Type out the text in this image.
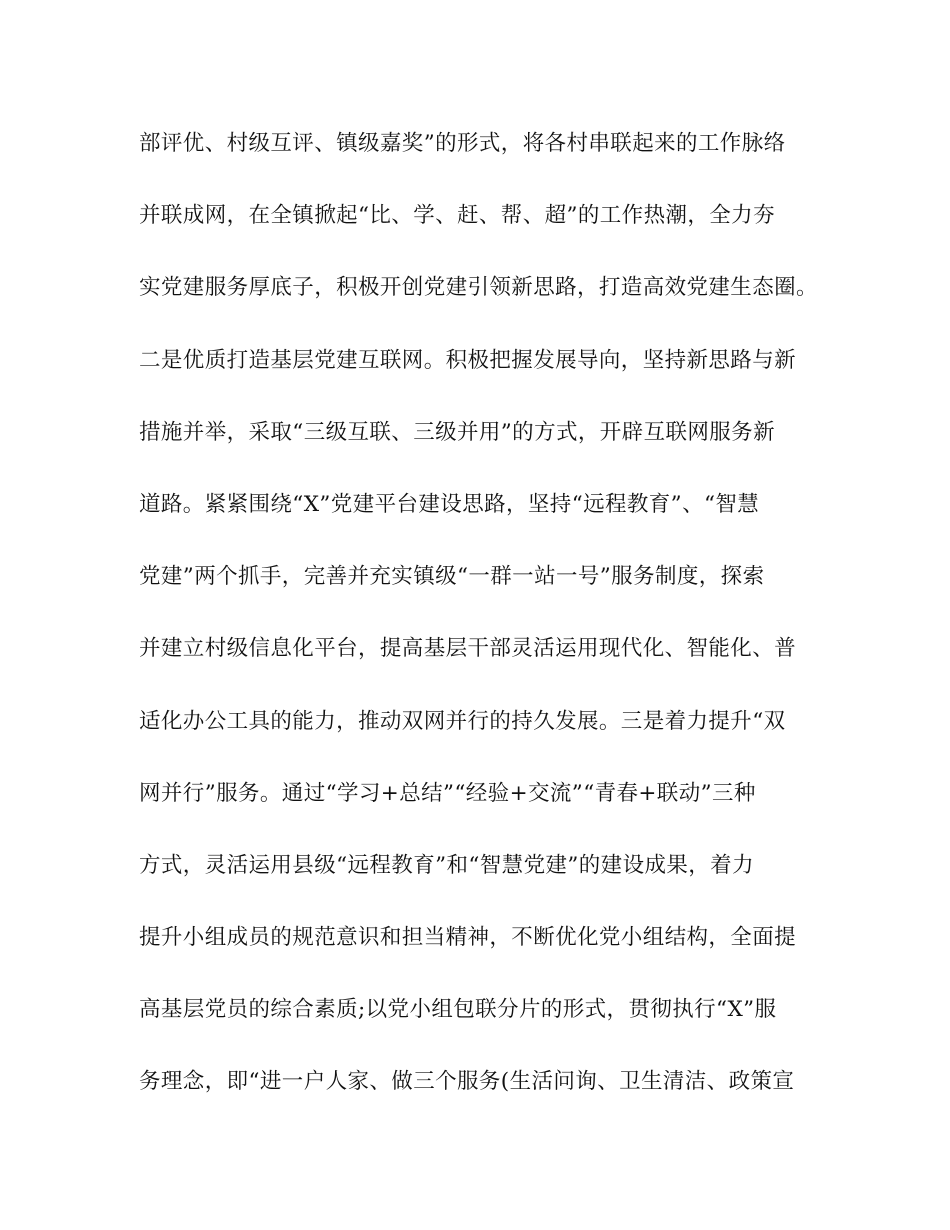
部评优、村级互评、镇级嘉奖”的形式，将各村串联起来的工作脉络
并联成网，在全镇掀起“比、学、赶、帮、超”的工作热潮，全力夯
实党建服务厚底子，积极开创党建引领新思路，打造高效党建生态圈。
二是优质打造基层党建互联网。积极把握发展导向，坚持新思路与新
措施并举，采取“三级互联、三级并用”的方式，开辟互联网服务新
道路。紧紧围绕“X”党建平台建设思路，坚持“远程教育”、“智慧
党建”两个抓手，完善并充实镇级“一群一站一号”服务制度，探索
并建立村级信息化平台，提高基层干部灵活运用现代化、智能化、普
适化办公工具的能力，推动双网并行的持久发展。三是着力提升“双
网并行”服务。通过“学习+总结”“经验+交流”“青春+联动”三种
方式，灵活运用县级“远程教育”和“智慧党建”的建设成果，着力
提升小组成员的规范意识和担当精神，不断优化党小组结构，全面提
高基层党员的综合素质;以党小组包联分片的形式，贯彻执行“X”服
务理念，即“进一户人家、做三个服务(生活问询、卫生清洁、政策宣
